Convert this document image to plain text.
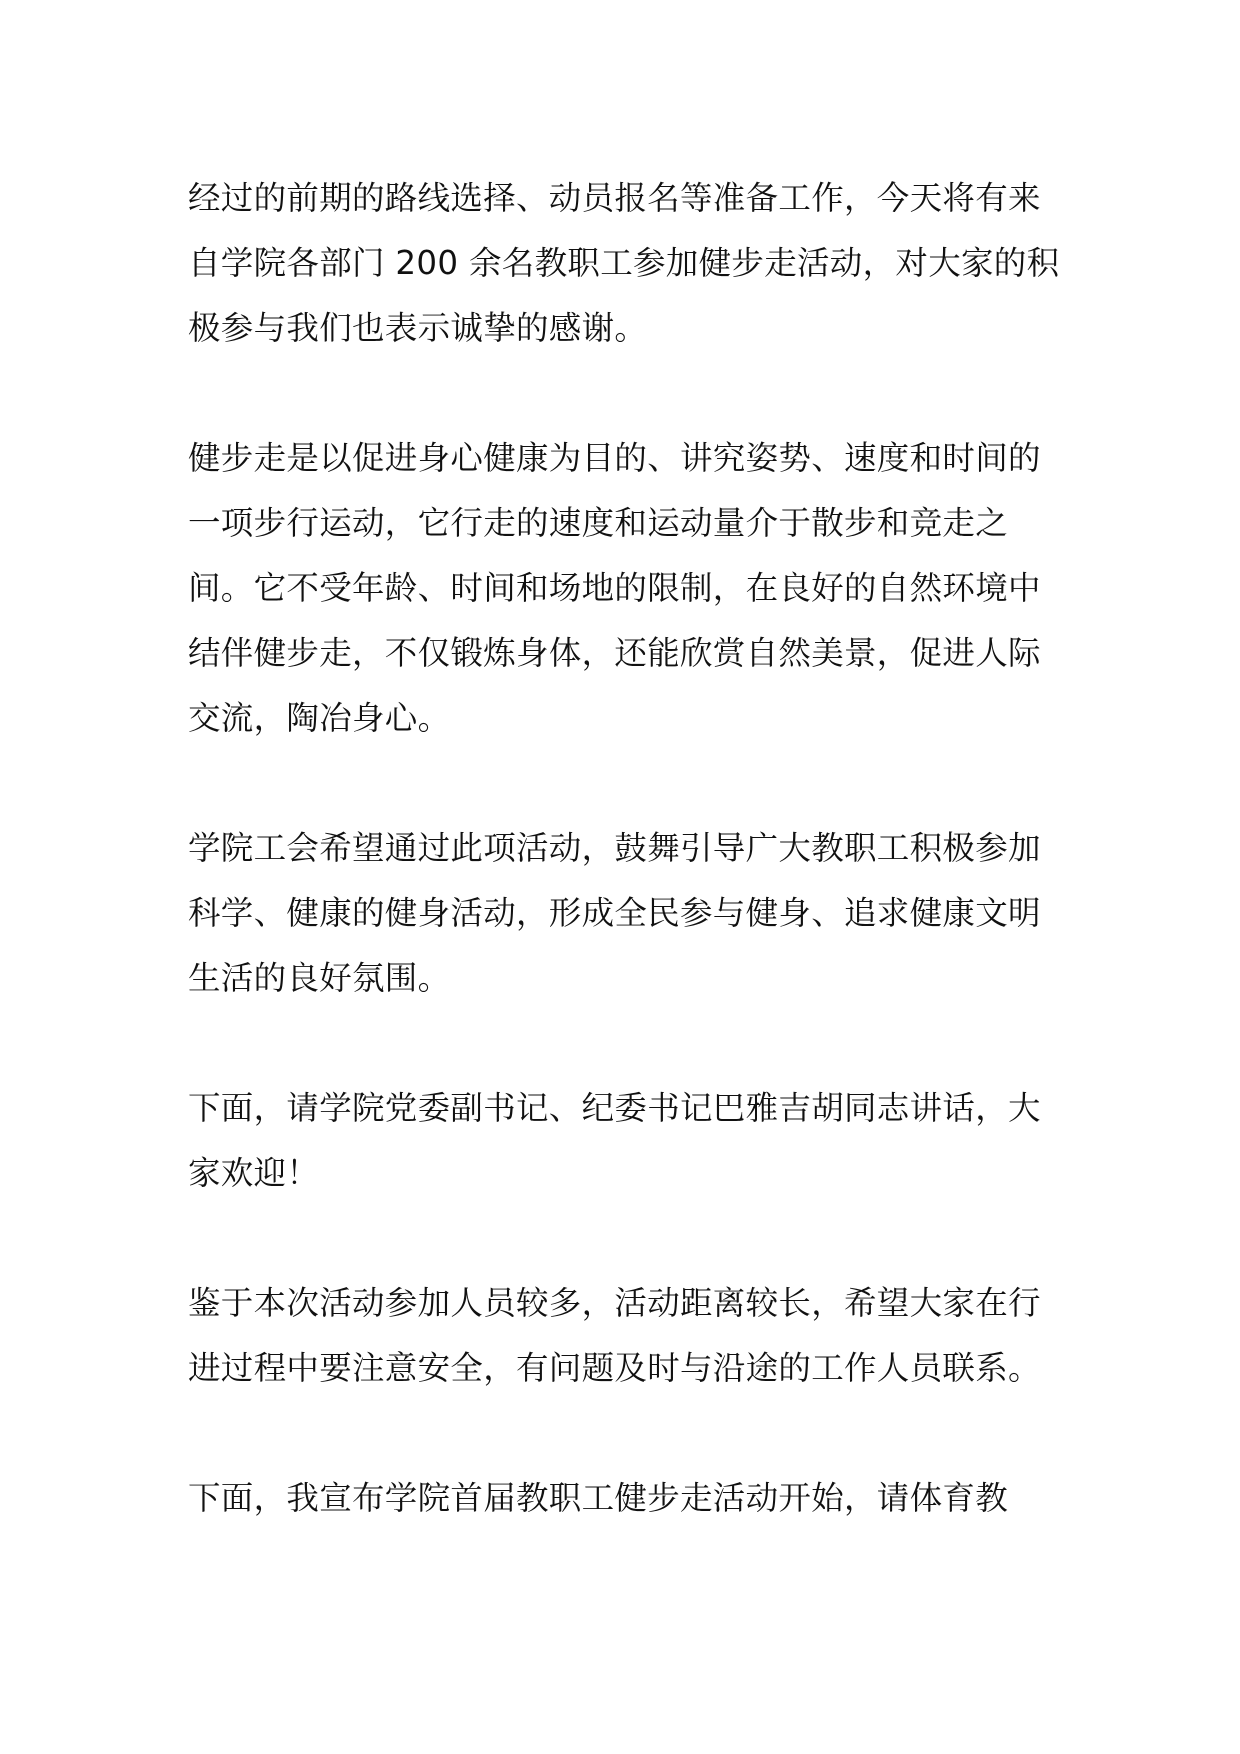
经过的前期的路线选择、动员报名等准备工作，今天将有来自学院各部门 200 余名教职工参加健步走活动，对大家的积极参与我们也表示诚挚的感谢。

健步走是以促进身心健康为目的、讲究姿势、速度和时间的一项步行运动，它行走的速度和运动量介于散步和竞走之间。它不受年龄、时间和场地的限制，在良好的自然环境中结伴健步走，不仅锻炼身体，还能欣赏自然美景，促进人际交流，陶冶身心。

学院工会希望通过此项活动，鼓舞引导广大教职工积极参加科学、健康的健身活动，形成全民参与健身、追求健康文明生活的良好氛围。

下面，请学院党委副书记、纪委书记巴雅吉胡同志讲话，大家欢迎！

鉴于本次活动参加人员较多，活动距离较长，希望大家在行进过程中要注意安全，有问题及时与沿途的工作人员联系。

下面，我宣布学院首届教职工健步走活动开始，请体育教
